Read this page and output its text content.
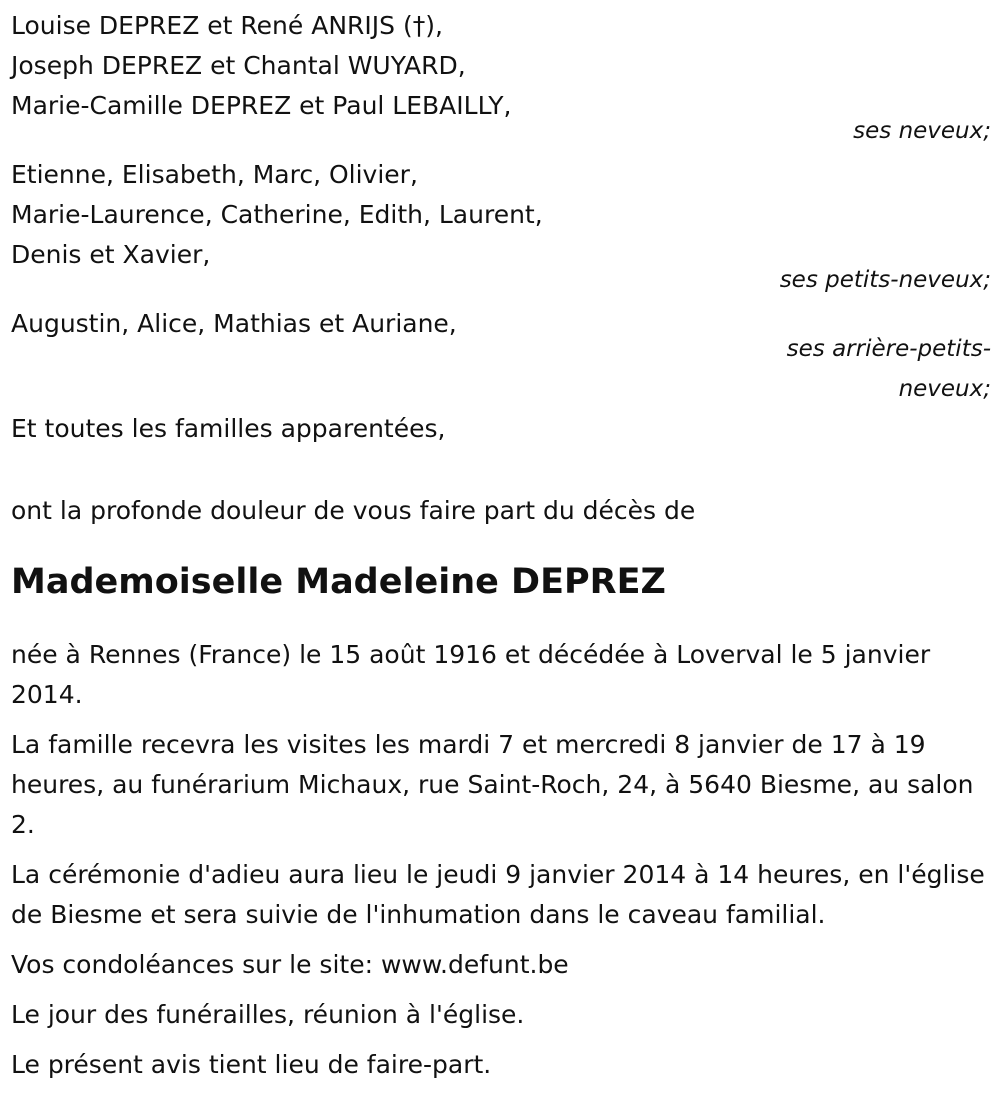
Louise DEPREZ et René ANRIJS (†),
Joseph DEPREZ et Chantal WUYARD,
Marie-Camille DEPREZ et Paul LEBAILLY,
ses neveux;
Etienne, Elisabeth, Marc, Olivier,
Marie-Laurence, Catherine, Edith, Laurent,
Denis et Xavier,
ses petits-neveux;
Augustin, Alice, Mathias et Auriane,
ses arrière-petits-
neveux;
Et toutes les familles apparentées,
ont la profonde douleur de vous faire part du décès de
Mademoiselle Madeleine DEPREZ

née à Rennes (France) le 15 août 1916 et décédée à Loverval le 5 janvier 2014.

La famille recevra les visites les mardi 7 et mercredi 8 janvier de 17 à 19 heures, au funérarium Michaux, rue Saint-Roch, 24, à 5640 Biesme, au salon 2.

La cérémonie d'adieu aura lieu le jeudi 9 janvier 2014 à 14 heures, en l'église de Biesme et sera suivie de l'inhumation dans le caveau familial.

Vos condoléances sur le site: www.defunt.be

Le jour des funérailles, réunion à l'église.

Le présent avis tient lieu de faire-part.
